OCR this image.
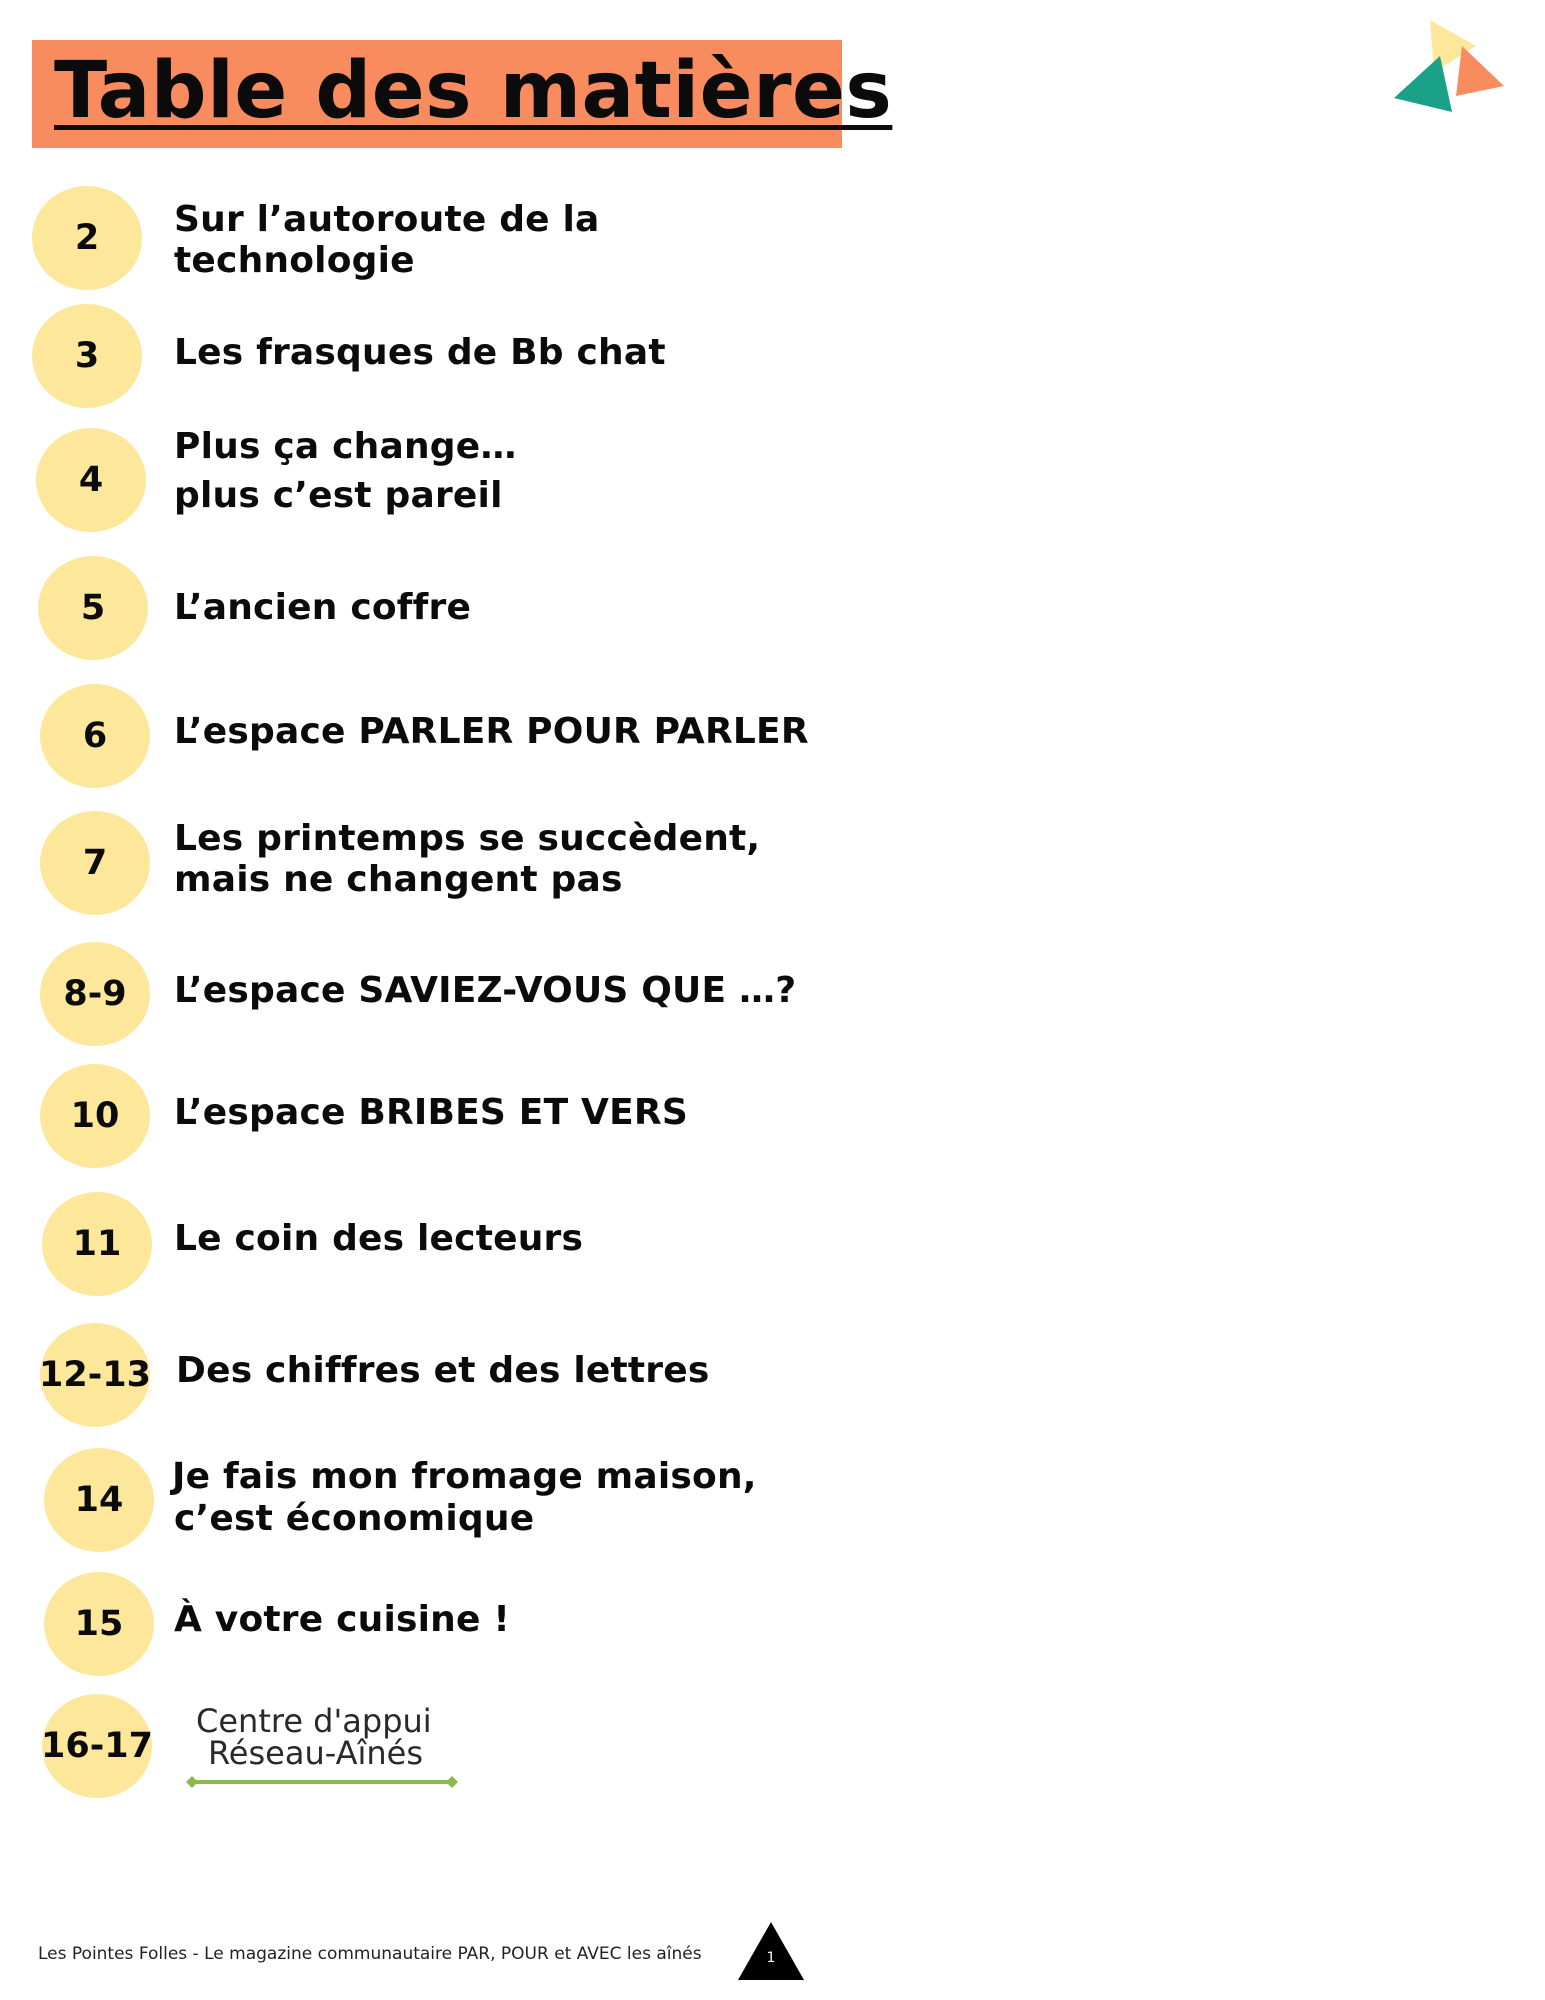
Table des matières
2 Sur l’autoroute de la
technologie
3 Les frasques de Bb chat
4
Plus ça change…
plus c’est pareil
5 L’ancien coffre
6 L’espace PARLER POUR PARLER
7
Les printemps se succèdent,
mais ne changent pas
8-9 L’espace SAVIEZ-VOUS QUE …?
10 L’espace BRIBES ET VERS
11 Le coin des lecteurs
12-13 Des chiffres et des lettres
14
Je fais mon fromage maison,
c’est économique
15 À votre cuisine !
16-17
Centre d'appui
Réseau-Aînés
Les Pointes Folles - Le magazine communautaire PAR, POUR et AVEC les aînés	1
